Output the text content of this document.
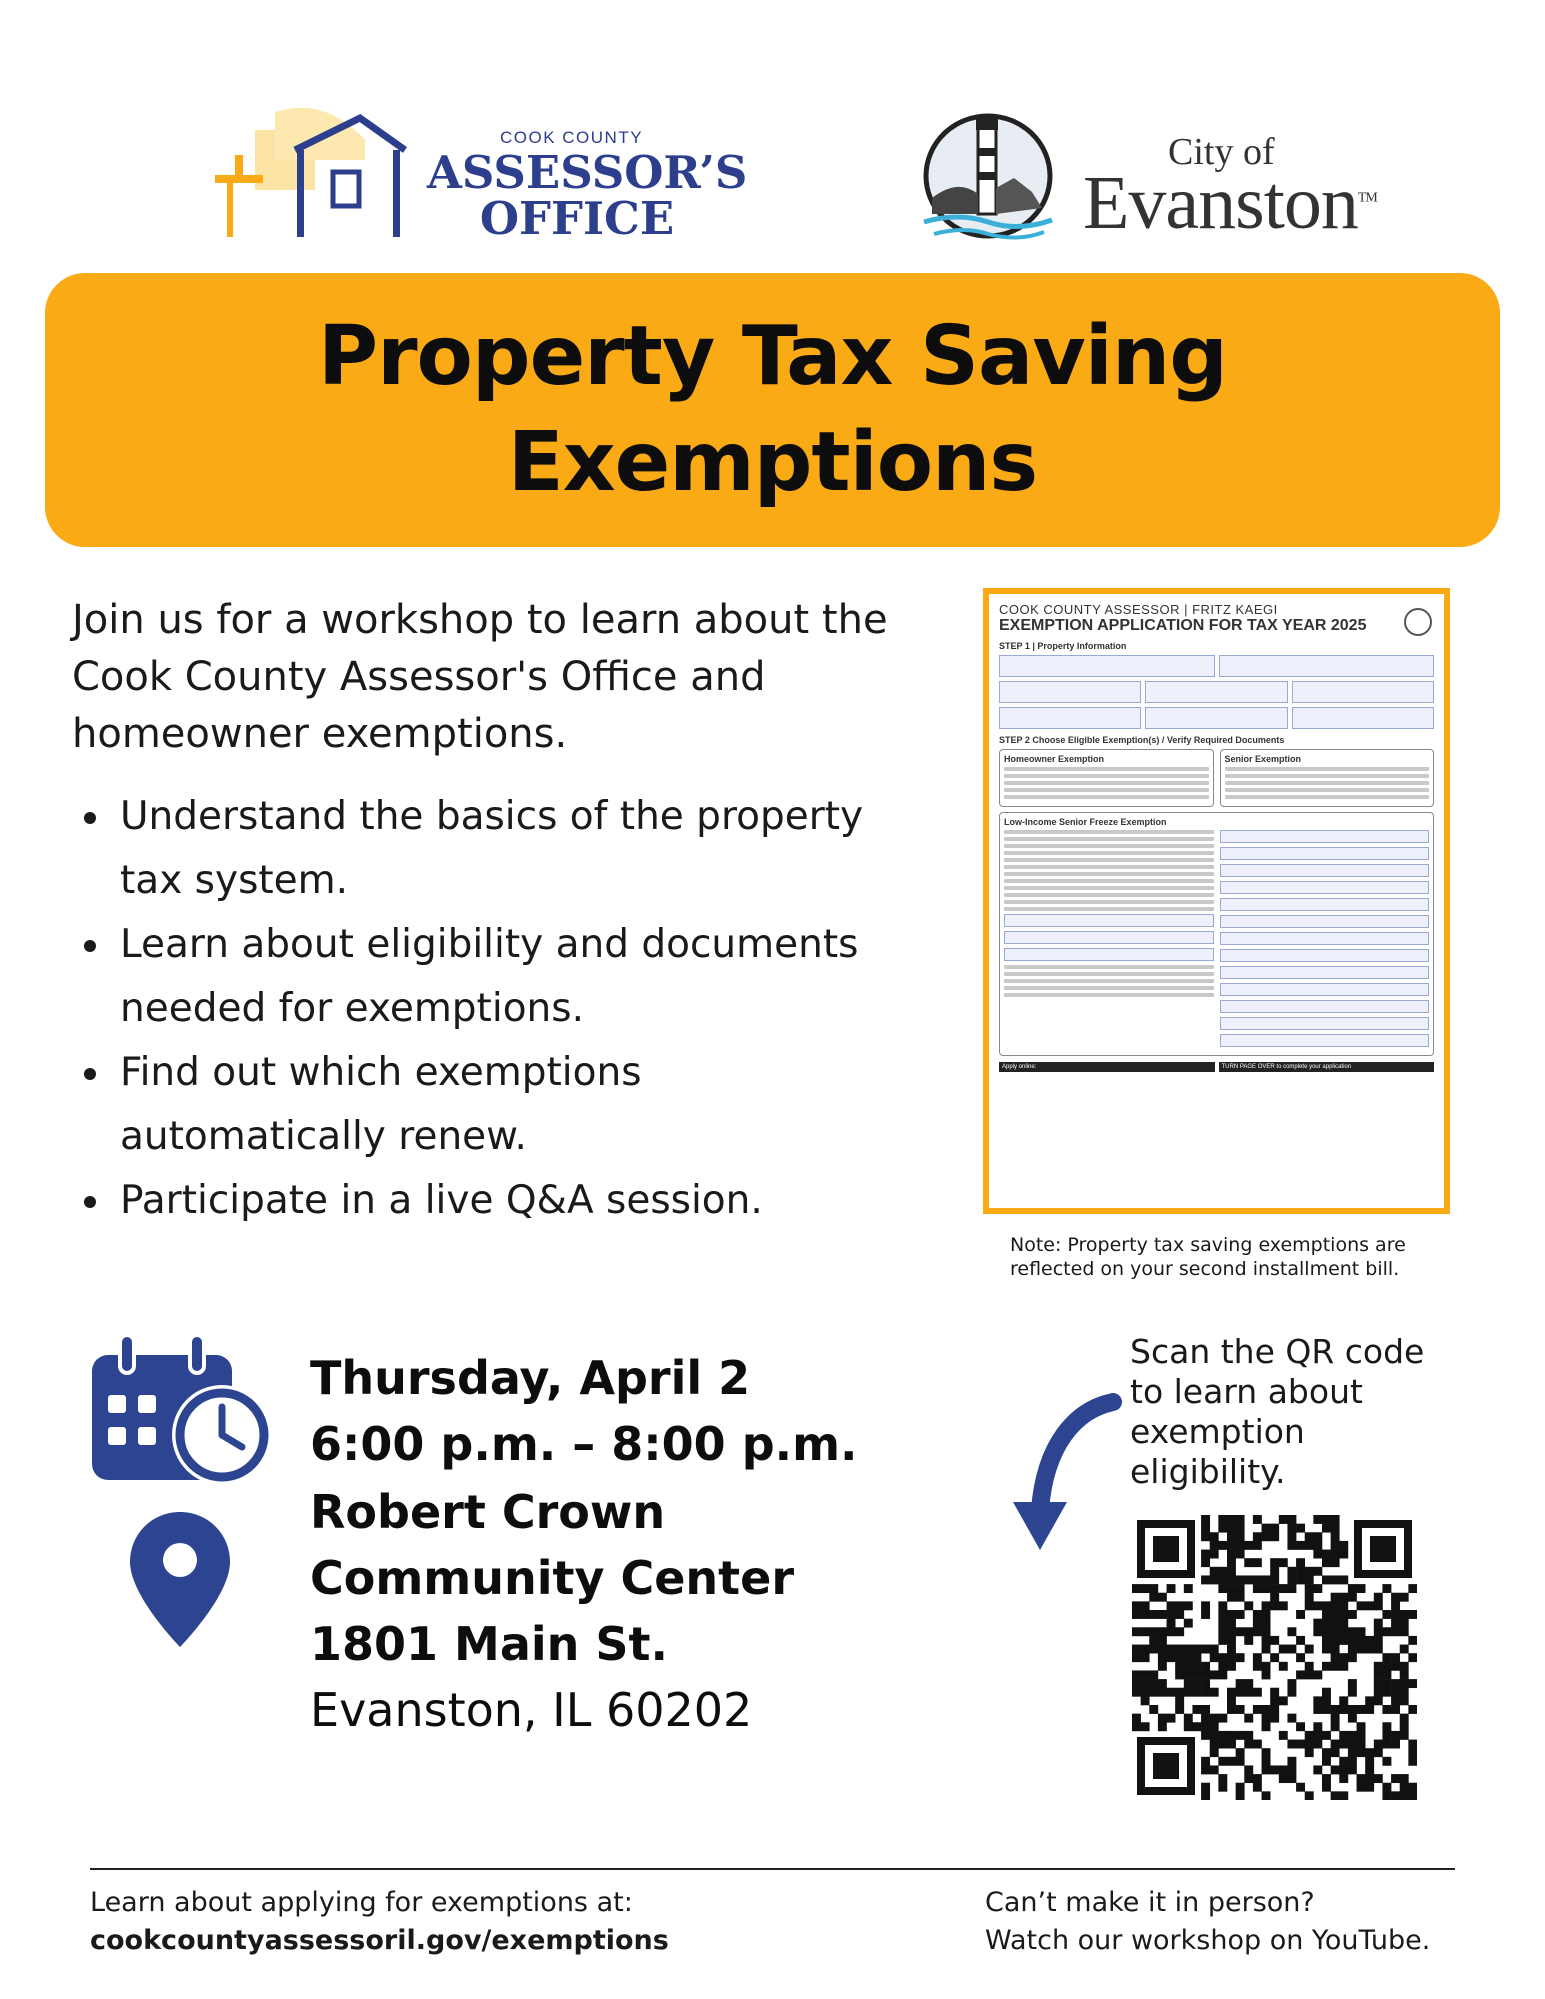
COOK COUNTY
ASSESSOR’S
OFFICE
City of
Evanston™
Property Tax Saving
Exemptions

Join us for a workshop to learn about the Cook County Assessor's Office and homeowner exemptions.

Understand the basics of the property tax system.
Learn about eligibility and documents needed for exemptions.
Find out which exemptions automatically renew.
Participate in a live Q&A session.
COOK COUNTY ASSESSOR | FRITZ KAEGI
EXEMPTION APPLICATION FOR TAX YEAR 2025
STEP 1 | Property Information
STEP 2 Choose Eligible Exemption(s) / Verify Required Documents
Homeowner Exemption	Senior Exemption
Low-Income Senior Freeze Exemption
Apply online:	TURN PAGE OVER to complete your application

Note: Property tax saving exemptions are reflected on your second installment bill.

Thursday, April 2
6:00 p.m. – 8:00 p.m.
Robert Crown
Community Center
1801 Main St.
Evanston, IL 60202

Scan the QR code to learn about exemption eligibility.

Learn about applying for exemptions at:
cookcountyassessoril.gov/exemptions
Can’t make it in person?
Watch our workshop on YouTube.
